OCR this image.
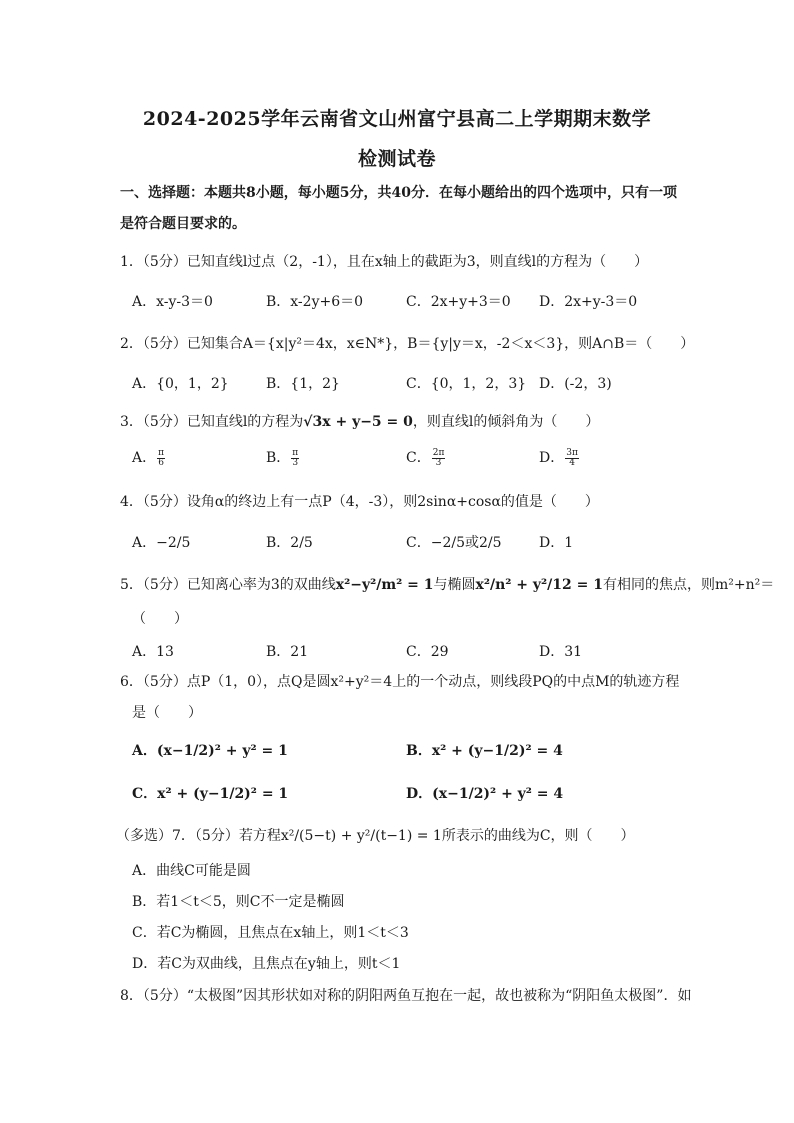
2024-2025学年云南省文山州富宁县高二上学期期末数学
检测试卷
一、选择题：本题共8小题，每小题5分，共40分．在每小题给出的四个选项中，只有一项
是符合题目要求的。
1．（5分）已知直线l过点（2，-1），且在x轴上的截距为3，则直线l的方程为（　　）
A．x-y-3＝0	B．x-2y+6＝0	C．2x+y+3＝0 D．2x+y-3＝0
2．（5分）已知集合A＝{x|y²＝4x，x∈N*}，B＝{y|y＝x，-2＜x＜3}，则A∩B＝（　　）
A．{0，1，2}	B．{1，2}	C．{0，1，2，3} D．(-2，3)
3．（5分）已知直线l的方程为√3x + y−5 = 0，则直线l的倾斜角为（　　）
A． $\frac{\pi}{6}$	B． $\frac{\pi}{3}$	C． $\frac{2\pi}{3}$	D． $\frac{3\pi}{4}$
4．（5分）设角α的终边上有一点P（4，-3），则2sinα+cosα的值是（　　）
A．−2/5	B．2/5	C．−2/5或2/5	D．1
5．（5分）已知离心率为3的双曲线x²−y²/m² = 1与椭圆x²/n² + y²/12 = 1有相同的焦点，则m²+n²＝
（　　）
A．13	B．21	C．29	D．31
6．（5分）点P（1，0），点Q是圆x²+y²＝4上的一个动点，则线段PQ的中点M的轨迹方程
是（　　）
A．(x−1/2)² + y² = 1	B．x² + (y−1/2)² = 4
C．x² + (y−1/2)² = 1	D．(x−1/2)² + y² = 4
（多选）7．（5分）若方程x²/(5−t) + y²/(t−1) = 1所表示的曲线为C，则（　　）
A．曲线C可能是圆
B．若1＜t＜5，则C不一定是椭圆
C．若C为椭圆，且焦点在x轴上，则1＜t＜3
D．若C为双曲线，且焦点在y轴上，则t＜1
8．（5分）“太极图”因其形状如对称的阴阳两鱼互抱在一起，故也被称为“阴阳鱼太极图”．如
